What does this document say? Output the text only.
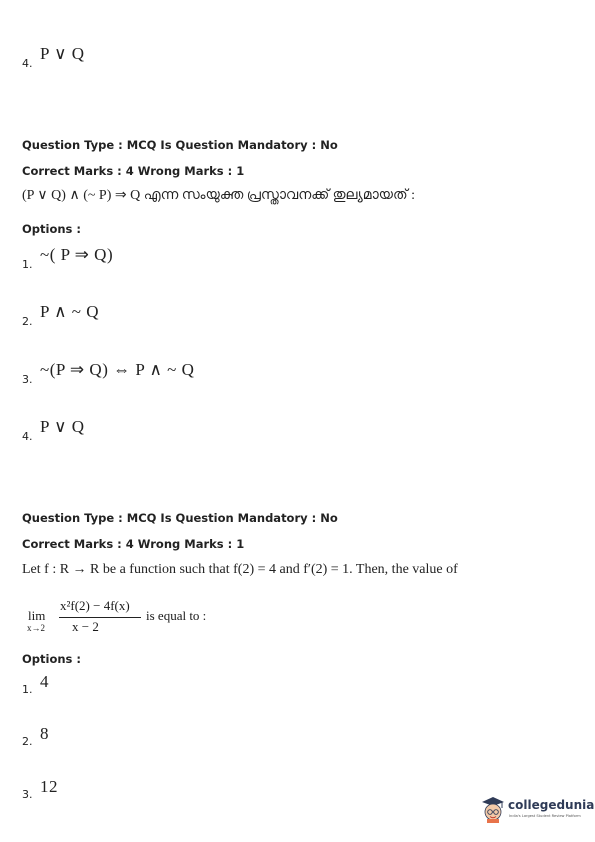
4.
P ∨ Q
Question Type : MCQ Is Question Mandatory : No
Correct Marks : 4 Wrong Marks : 1
(P ∨ Q) ∧ (~ P) ⇒ Q എന്ന സംയുക്ത പ്രസ്താവനക്ക് തുല്യമായത് :
Options :
1.
~( P ⇒ Q)
2.
P ∧ ~ Q
3.
~(P ⇒ Q) ⇔ P ∧ ~ Q
4.
P ∨ Q
Question Type : MCQ Is Question Mandatory : No
Correct Marks : 4 Wrong Marks : 1
Let f : R → R be a function such that f(2) = 4 and f′(2) = 1. Then, the value of
lim
x→2
x²f(2) − 4f(x)
x − 2
is equal to :
Options :
1. 4
2. 8
3. 12
collegedunia
India's Largest Student Review Platform
